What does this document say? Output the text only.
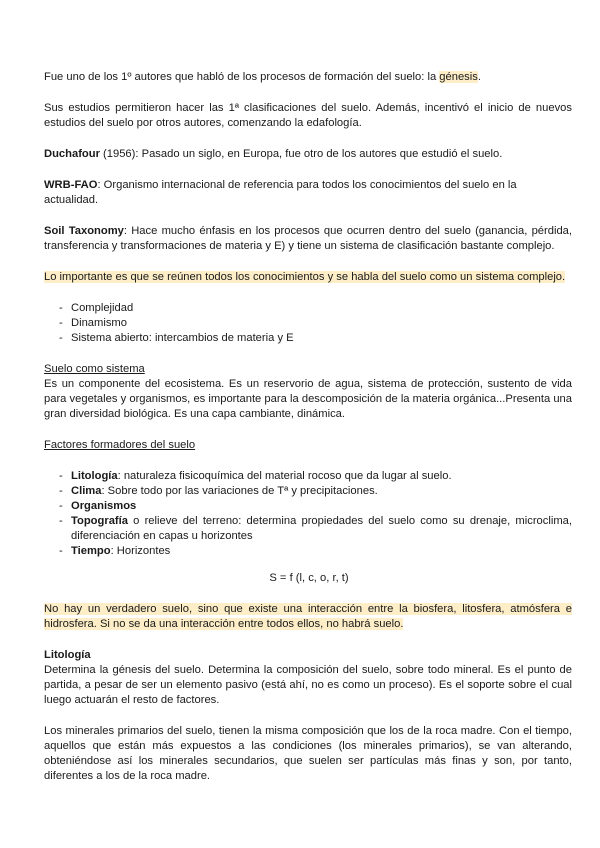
Fue uno de los 1º autores que habló de los procesos de formación del suelo: la génesis.

Sus estudios permitieron hacer las 1ª clasificaciones del suelo. Además, incentivó el inicio de nuevos estudios del suelo por otros autores, comenzando la edafología.

Duchafour (1956): Pasado un siglo, en Europa, fue otro de los autores que estudió el suelo.

WRB-FAO: Organismo internacional de referencia para todos los conocimientos del suelo en la actualidad.

Soil Taxonomy: Hace mucho énfasis en los procesos que ocurren dentro del suelo (ganancia, pérdida, transferencia y transformaciones de materia y E) y tiene un sistema de clasificación bastante complejo.

Lo importante es que se reúnen todos los conocimientos y se habla del suelo como un sistema complejo.

- Complejidad
- Dinamismo
- Sistema abierto: intercambios de materia y E

Suelo como sistema

Es un componente del ecosistema. Es un reservorio de agua, sistema de protección, sustento de vida para vegetales y organismos, es importante para la descomposición de la materia orgánica...Presenta una gran diversidad biológica. Es una capa cambiante, dinámica.

Factores formadores del suelo

- Litología: naturaleza fisicoquímica del material rocoso que da lugar al suelo.
- Clima: Sobre todo por las variaciones de Tª y precipitaciones.
- Organismos
- Topografía o relieve del terreno: determina propiedades del suelo como su drenaje, microclima, diferenciación en capas u horizontes
- Tiempo: Horizontes

S = f (l, c, o, r, t)

No hay un verdadero suelo, sino que existe una interacción entre la biosfera, litosfera, atmósfera e hidrosfera. Si no se da una interacción entre todos ellos, no habrá suelo.

Litología

Determina la génesis del suelo. Determina la composición del suelo, sobre todo mineral. Es el punto de partida, a pesar de ser un elemento pasivo (está ahí, no es como un proceso). Es el soporte sobre el cual luego actuarán el resto de factores.

Los minerales primarios del suelo, tienen la misma composición que los de la roca madre. Con el tiempo, aquellos que están más expuestos a las condiciones (los minerales primarios), se van alterando, obteniéndose así los minerales secundarios, que suelen ser partículas más finas y son, por tanto, diferentes a los de la roca madre.
